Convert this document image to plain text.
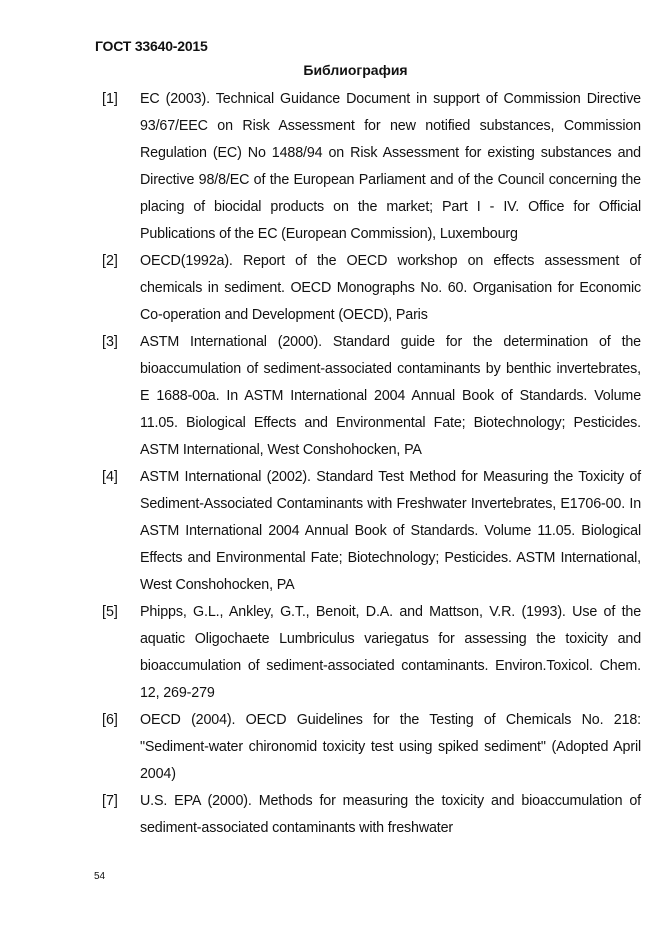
ГОСТ 33640-2015

Библиография

[1]	EC (2003). Technical Guidance Document in support of Commission Directive 93/67/EEC on Risk Assessment for new notified substances, Commission Regulation (EC) No 1488/94 on Risk Assessment for existing substances and Directive 98/8/EC of the European Parliament and of the Council concerning the placing of biocidal products on the market; Part I - IV. Office for Official Publications of the EC (European Commission), Luxembourg
[2]	OECD(1992a). Report of the OECD workshop on effects assessment of chemicals in sediment. OECD Monographs No. 60. Organisation for Economic Co-operation and Development (OECD), Paris
[3]	ASTM International (2000). Standard guide for the determination of the bioaccumulation of sediment-associated contaminants by benthic invertebrates, E 1688-00a. In ASTM International 2004 Annual Book of Standards. Volume 11.05. Biological Effects and Environmental Fate; Biotechnology; Pesticides. ASTM International, West Conshohocken, PA
[4]	ASTM International (2002). Standard Test Method for Measuring the Toxicity of Sediment-Associated Contaminants with Freshwater Invertebrates, E1706-00. In ASTM International 2004 Annual Book of Standards. Volume 11.05. Biological Effects and Environmental Fate; Biotechnology; Pesticides. ASTM International, West Conshohocken, PA
[5]	Phipps, G.L., Ankley, G.T., Benoit, D.A. and Mattson, V.R. (1993). Use of the aquatic Oligochaete Lumbriculus variegatus for assessing the toxicity and bioaccumulation of sediment-associated contaminants. Environ.Toxicol. Chem. 12, 269-279
[6]	OECD (2004). OECD Guidelines for the Testing of Chemicals No. 218: "Sediment-water chironomid toxicity test using spiked sediment" (Adopted April 2004)
[7]	U.S. EPA (2000). Methods for measuring the toxicity and bioaccumulation of sediment-associated contaminants with freshwater

54
